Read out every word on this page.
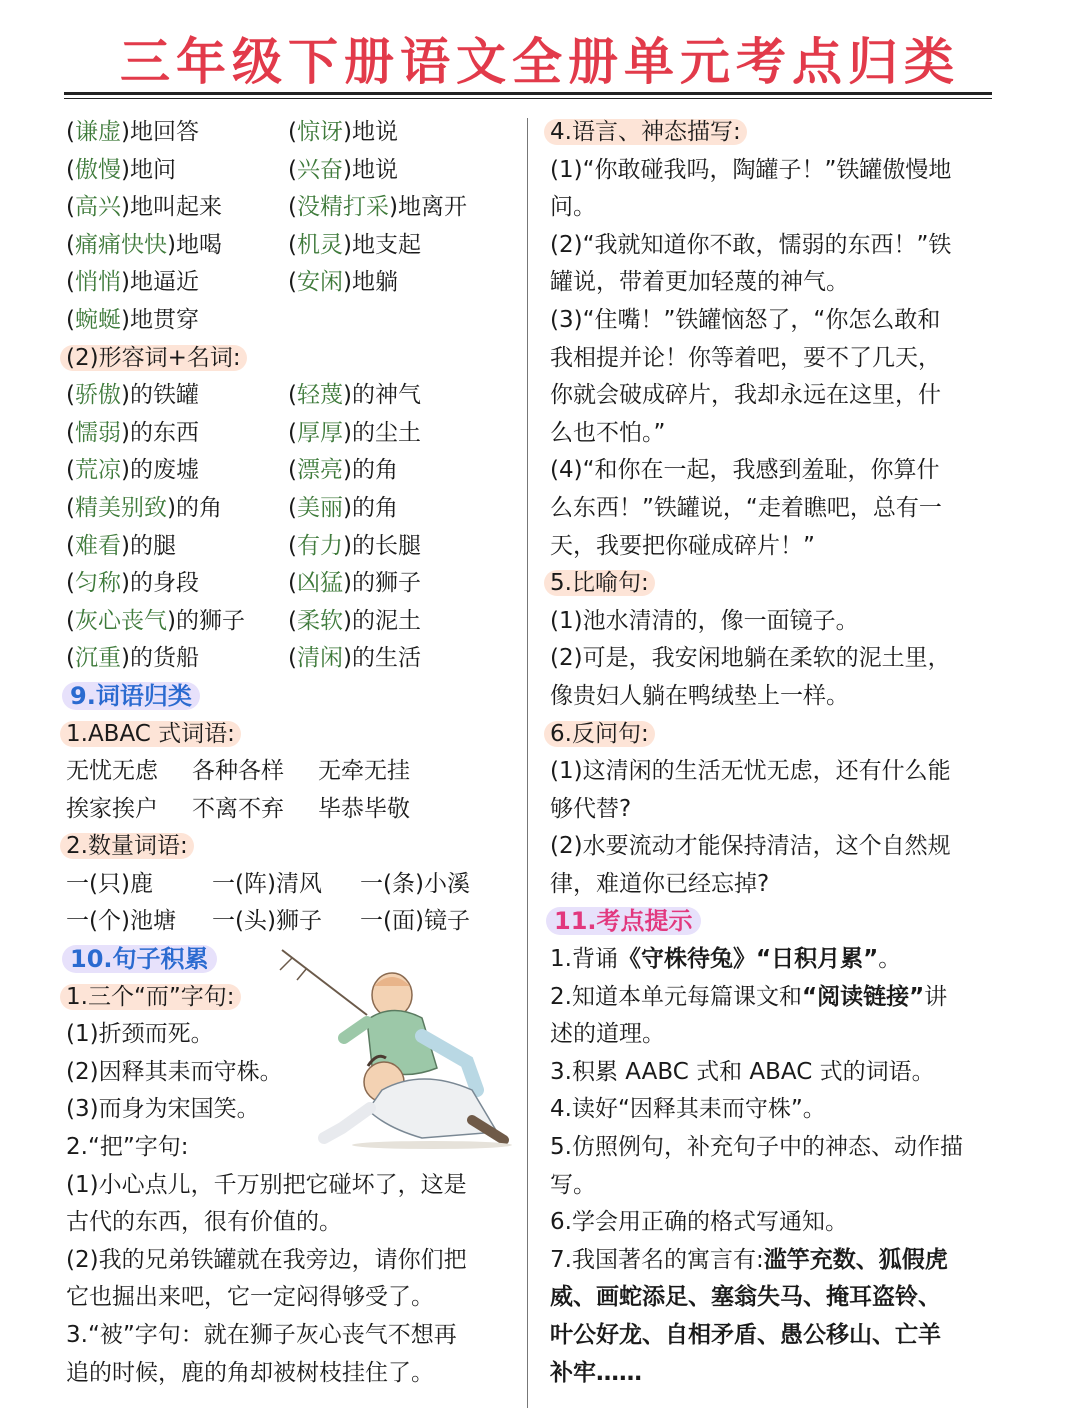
三年级下册语文全册单元考点归类
(谦虚)地回答	(惊讶)地说
(傲慢)地问	(兴奋)地说
(高兴)地叫起来	(没精打采)地离开
(痛痛快快)地喝	(机灵)地支起
(悄悄)地逼近	(安闲)地躺
(蜿蜒)地贯穿
(2)形容词+名词:
(骄傲)的铁罐	(轻蔑)的神气
(懦弱)的东西	(厚厚)的尘土
(荒凉)的废墟	(漂亮)的角
(精美别致)的角	(美丽)的角
(难看)的腿	(有力)的长腿
(匀称)的身段	(凶猛)的狮子
(灰心丧气)的狮子	(柔软)的泥土
(沉重)的货船	(清闲)的生活
9.词语归类
1.ABAC 式词语:
无忧无虑	各种各样	无牵无挂
挨家挨户	不离不弃	毕恭毕敬
2.数量词语:
一(只)鹿	一(阵)清风	一(条)小溪
一(个)池塘	一(头)狮子	一(面)镜子
10.句子积累
1.三个“而”字句:
(1)折颈而死。
(2)因释其耒而守株。
(3)而身为宋国笑。
2.“把”字句:
(1)小心点儿，千万别把它碰坏了，这是
古代的东西，很有价值的。
(2)我的兄弟铁罐就在我旁边，请你们把
它也掘出来吧，它一定闷得够受了。
3.“被”字句：就在狮子灰心丧气不想再
追的时候，鹿的角却被树枝挂住了。
4.语言、神态描写:
(1)“你敢碰我吗，陶罐子！”铁罐傲慢地
问。
(2)“我就知道你不敢，懦弱的东西！”铁
罐说，带着更加轻蔑的神气。
(3)“住嘴！”铁罐恼怒了，“你怎么敢和
我相提并论！你等着吧，要不了几天，
你就会破成碎片，我却永远在这里，什
么也不怕。”
(4)“和你在一起，我感到羞耻，你算什
么东西！”铁罐说，“走着瞧吧，总有一
天，我要把你碰成碎片！”
5.比喻句:
(1)池水清清的，像一面镜子。
(2)可是，我安闲地躺在柔软的泥土里，
像贵妇人躺在鸭绒垫上一样。
6.反问句:
(1)这清闲的生活无忧无虑，还有什么能
够代替?
(2)水要流动才能保持清洁，这个自然规
律，难道你已经忘掉?
11.考点提示
1.背诵《守株待兔》“日积月累”。
2.知道本单元每篇课文和“阅读链接”讲
述的道理。
3.积累 AABC 式和 ABAC 式的词语。
4.读好“因释其耒而守株”。
5.仿照例句，补充句子中的神态、动作描
写。
6.学会用正确的格式写通知。
7.我国著名的寓言有:滥竽充数、狐假虎
威、画蛇添足、塞翁失马、掩耳盗铃、
叶公好龙、自相矛盾、愚公移山、亡羊
补牢……
